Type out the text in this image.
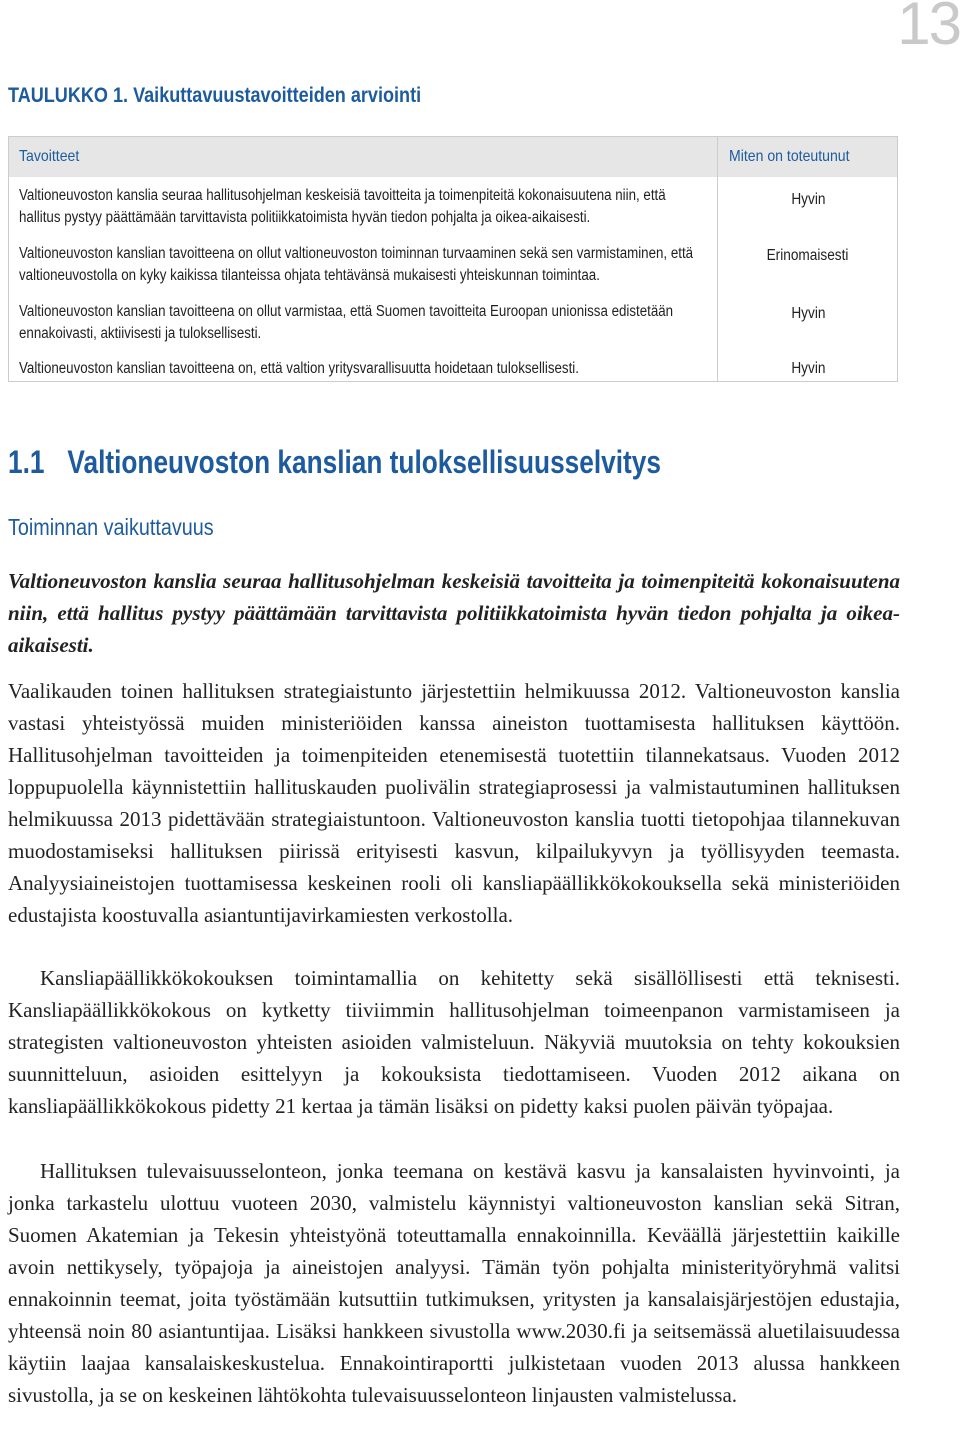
13
TAULUKKO 1. Vaikuttavuustavoitteiden arviointi
Tavoitteet	Miten on toteutunut
Valtioneuvoston kanslia seuraa hallitusohjelman keskeisiä tavoitteita ja toimenpiteitä kokonaisuutena niin, että hallitus pystyy päättämään tarvittavista politiikkatoimista hyvän tiedon pohjalta ja oikea-aikaisesti.
Hyvin
Valtioneuvoston kanslian tavoitteena on ollut valtioneuvoston toiminnan turvaaminen sekä sen varmistaminen, että valtioneuvostolla on kyky kaikissa tilanteissa ohjata tehtävänsä mukaisesti yhteiskunnan toimintaa.
Erinomaisesti
Valtioneuvoston kanslian tavoitteena on ollut varmistaa, että Suomen tavoitteita Euroopan unionissa edistetään ennakoivasti, aktiivisesti ja tuloksellisesti.
Hyvin
Valtioneuvoston kanslian tavoitteena on, että valtion yritysvarallisuutta hoidetaan tuloksellisesti.	Hyvin
1.1 Valtioneuvoston kanslian tuloksellisuusselvitys
Toiminnan vaikuttavuus
Valtioneuvoston kanslia seuraa hallitusohjelman keskeisiä tavoitteita ja toimenpiteitä kokonaisuutena niin, että hallitus pystyy päättämään tarvittavista politiikkatoimista hyvän tiedon pohjalta ja oikea-aikaisesti.
Vaalikauden toinen hallituksen strategiaistunto järjestettiin helmikuussa 2012. Valtioneuvoston kanslia vastasi yhteistyössä muiden ministeriöiden kanssa aineiston tuottamisesta hallituksen käyttöön. Hallitusohjelman tavoitteiden ja toimenpiteiden etenemisestä tuotettiin tilannekatsaus. Vuoden 2012 loppupuolella käynnistettiin hallituskauden puolivälin strategiaprosessi ja valmistautuminen hallituksen helmikuussa 2013 pidettävään strategiaistuntoon. Valtioneuvoston kanslia tuotti tietopohjaa tilannekuvan muodostamiseksi hallituksen piirissä erityisesti kasvun, kilpailukyvyn ja työllisyyden teemasta. Analyysiaineistojen tuottamisessa keskeinen rooli oli kansliapäällikkökokouksella sekä ministeriöiden edustajista koostuvalla asiantuntijavirkamiesten verkostolla.
Kansliapäällikkökokouksen toimintamallia on kehitetty sekä sisällöllisesti että teknisesti. Kansliapäällikkökokous on kytketty tiiviimmin hallitusohjelman toimeenpanon varmistamiseen ja strategisten valtioneuvoston yhteisten asioiden valmisteluun. Näkyviä muutoksia on tehty kokouksien suunnitteluun, asioiden esittelyyn ja kokouksista tiedottamiseen. Vuoden 2012 aikana on kansliapäällikkökokous pidetty 21 kertaa ja tämän lisäksi on pidetty kaksi puolen päivän työpajaa.
Hallituksen tulevaisuusselonteon, jonka teemana on kestävä kasvu ja kansalaisten hyvinvointi, ja jonka tarkastelu ulottuu vuoteen 2030, valmistelu käynnistyi valtioneuvoston kanslian sekä Sitran, Suomen Akatemian ja Tekesin yhteistyönä toteuttamalla ennakoinnilla. Keväällä järjestettiin kaikille avoin nettikysely, työpajoja ja aineistojen analyysi. Tämän työn pohjalta ministerityöryhmä valitsi ennakoinnin teemat, joita työstämään kutsuttiin tutkimuksen, yritysten ja kansalaisjärjestöjen edustajia, yhteensä noin 80 asiantuntijaa. Lisäksi hankkeen sivustolla www.2030.fi ja seitsemässä aluetilaisuudessa käytiin laajaa kansalaiskeskustelua. Ennakointiraportti julkistetaan vuoden 2013 alussa hankkeen sivustolla, ja se on keskeinen lähtökohta tulevaisuusselonteon linjausten valmistelussa.
